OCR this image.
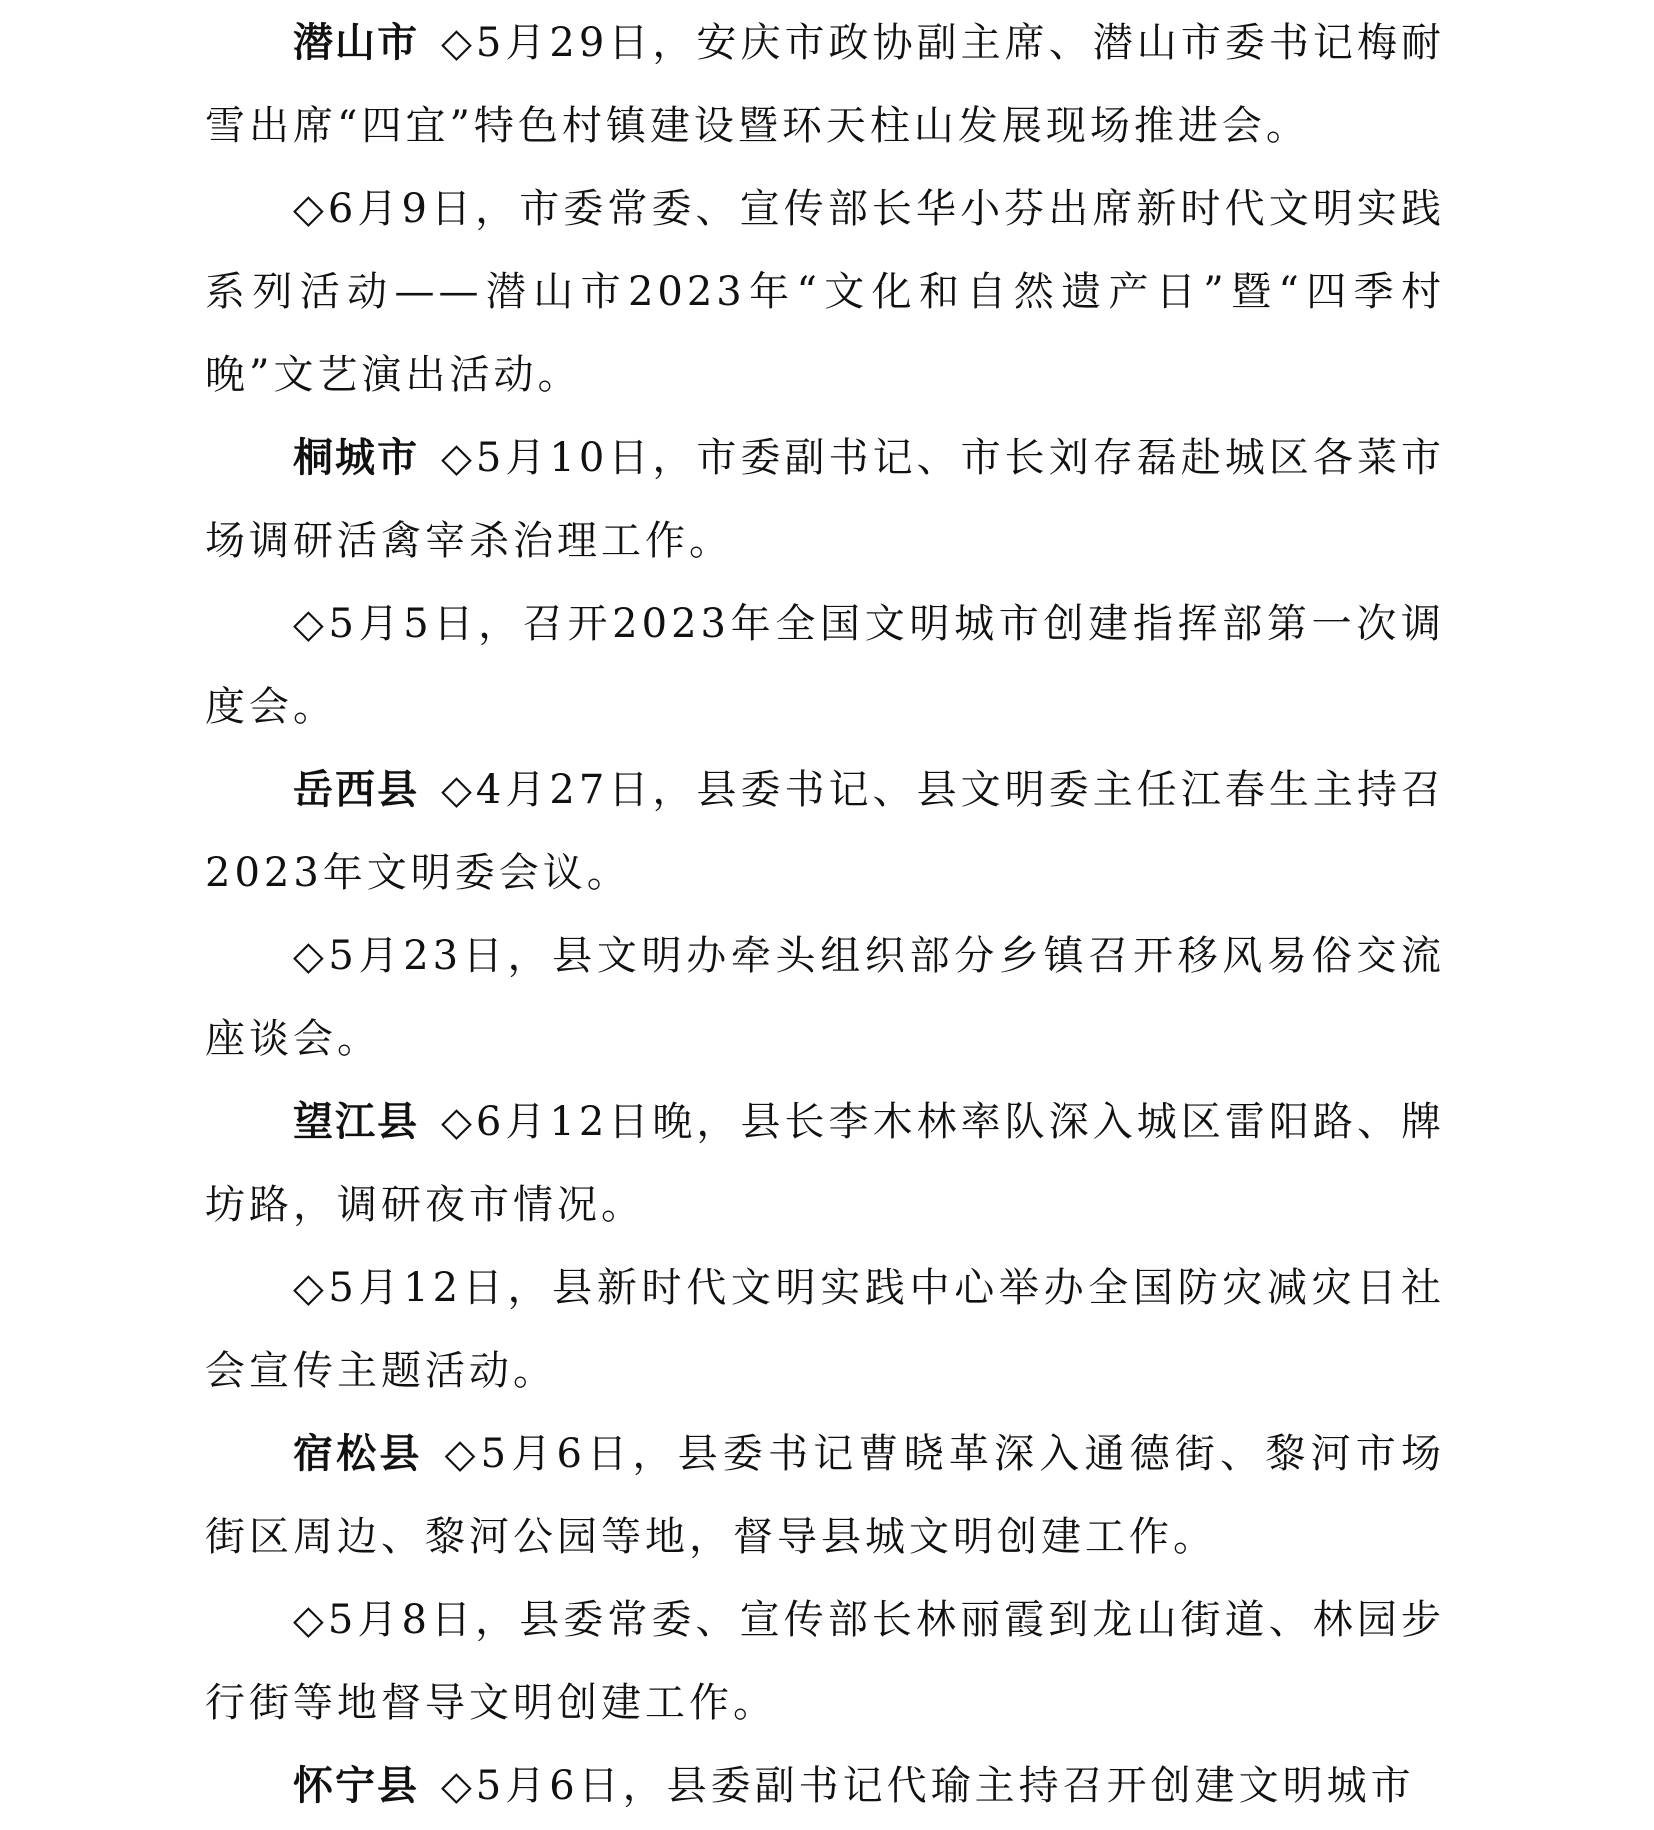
潜山市 ◇5月29日，安庆市政协副主席、潜山市委书记梅耐雪出席“四宜”特色村镇建设暨环天柱山发展现场推进会。

◇6月9日，市委常委、宣传部长华小芬出席新时代文明实践系列活动——潜山市2023年“文化和自然遗产日”暨“四季村晚”文艺演出活动。

桐城市 ◇5月10日，市委副书记、市长刘存磊赴城区各菜市场调研活禽宰杀治理工作。

◇5月5日，召开2023年全国文明城市创建指挥部第一次调度会。

岳西县 ◇4月27日，县委书记、县文明委主任江春生主持召2023年文明委会议。

◇5月23日，县文明办牵头组织部分乡镇召开移风易俗交流座谈会。

望江县 ◇6月12日晚，县长李木林率队深入城区雷阳路、牌坊路，调研夜市情况。

◇5月12日，县新时代文明实践中心举办全国防灾减灾日社会宣传主题活动。

宿松县 ◇5月6日，县委书记曹晓革深入通德街、黎河市场街区周边、黎河公园等地，督导县城文明创建工作。

◇5月8日，县委常委、宣传部长林丽霞到龙山街道、林园步行街等地督导文明创建工作。

怀宁县 ◇5月6日，县委副书记代瑜主持召开创建文明城市
